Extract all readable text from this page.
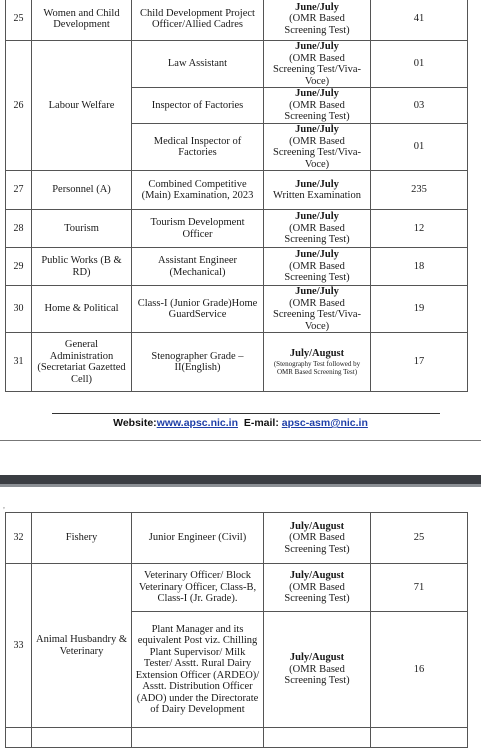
25	Women and Child Development	Child Development Project Officer/Allied Cadres	June/July
(OMR Based Screening Test)	41
26	Labour Welfare	Law Assistant	June/July
(OMR Based Screening Test/Viva-Voce)	01
		Inspector of Factories	June/July
(OMR Based Screening Test)	03
		Medical Inspector of Factories	June/July
(OMR Based Screening Test/Viva-Voce)	01
27	Personnel (A)	Combined Competitive (Main) Examination, 2023	June/July
Written Examination	235
28	Tourism	Tourism Development Officer	June/July
(OMR Based Screening Test)	12
29	Public Works (B & RD)	Assistant Engineer (Mechanical)	June/July
(OMR Based Screening Test)	18
30	Home & Political	Class-I (Junior Grade)Home GuardService	June/July
(OMR Based Screening Test/Viva-Voce)	19
31	General Administration (Secretariat Gazetted Cell)	Stenographer Grade – II(English)	July/August
(Stenography Test followed by OMR Based Screening Test)	17
Website:www.apsc.nic.in E-mail: apsc-asm@nic.in
,
32	Fishery	Junior Engineer (Civil)	July/August
(OMR Based Screening Test)	25
33	Animal Husbandry & Veterinary	Veterinary Officer/ Block Veterinary Officer, Class-B, Class-I (Jr. Grade).	July/August
(OMR Based Screening Test)	71
		Plant Manager and its equivalent Post viz. Chilling Plant Supervisor/ Milk Tester/ Asstt. Rural Dairy Extension Officer (ARDEO)/ Asstt. Distribution Officer (ADO) under the Directorate of Dairy Development	July/August
(OMR Based Screening Test)	16
